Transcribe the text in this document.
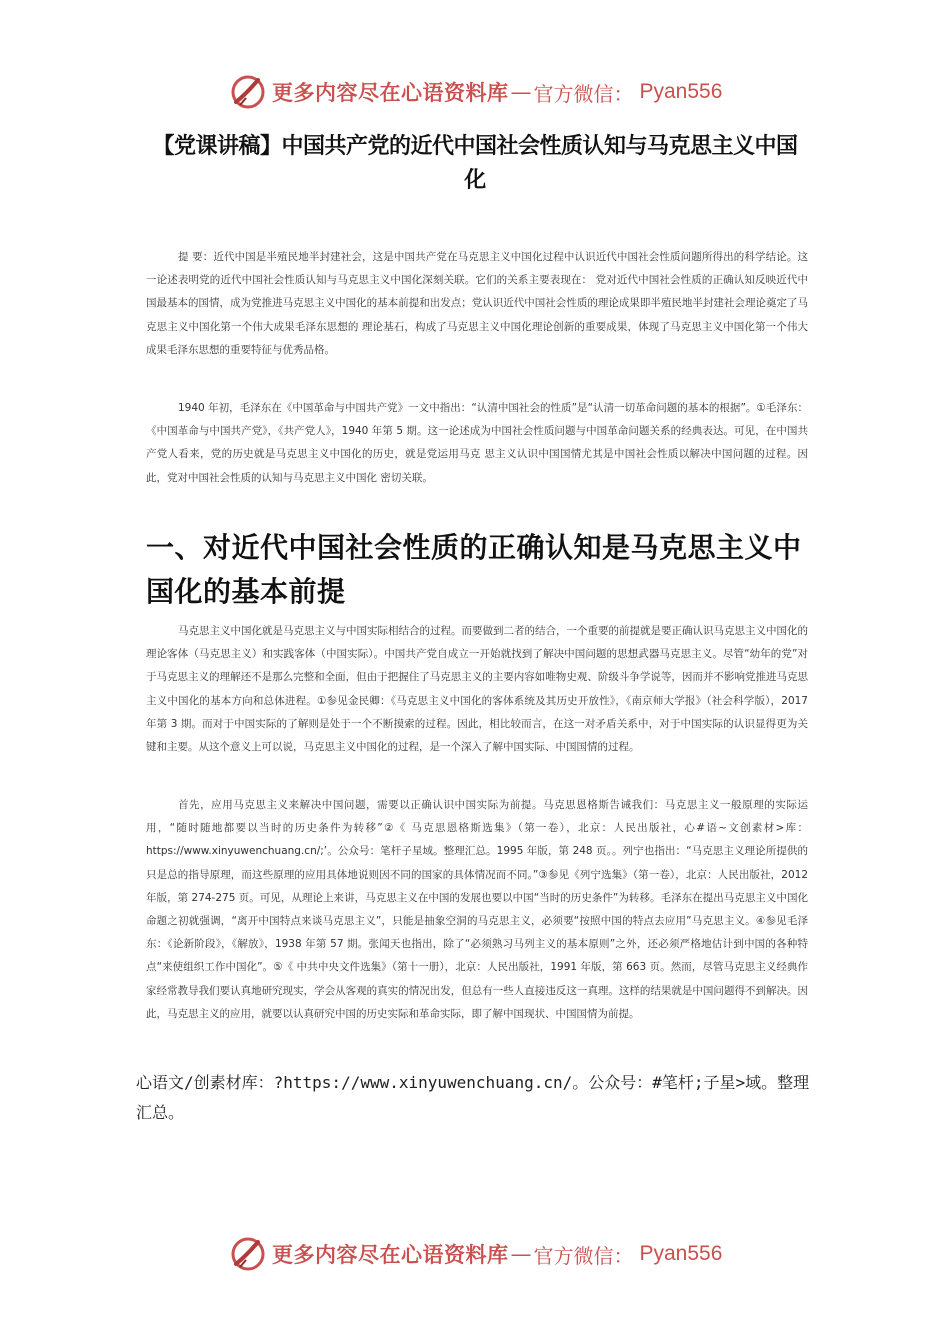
更多内容尽在心语资料库 — 官方微信： Pyan556
【党课讲稿】中国共产党的近代中国社会性质认知与马克思主义中国化

提 要：近代中国是半殖民地半封建社会，这是中国共产党在马克思主义中国化过程中认识近代中国社会性质问题所得出的科学结论。这一论述表明党的近代中国社会性质认知与马克思主义中国化深刻关联。它们的关系主要表现在： 党对近代中国社会性质的正确认知反映近代中国最基本的国情，成为党推进马克思主义中国化的基本前提和出发点；党认识近代中国社会性质的理论成果即半殖民地半封建社会理论奠定了马克思主义中国化第一个伟大成果毛泽东思想的 理论基石，构成了马克思主义中国化理论创新的重要成果，体现了马克思主义中国化第一个伟大成果毛泽东思想的重要特征与优秀品格。

1940 年初，毛泽东在《中国革命与中国共产党》一文中指出：“认清中国社会的性质”是“认清一切革命问题的基本的根据”。①毛泽东：《中国革命与中国共产党》，《共产党人》，1940 年第 5 期。这一论述成为中国社会性质问题与中国革命问题关系的经典表达。可见，在中国共产党人看来，党的历史就是马克思主义中国化的历史，就是党运用马克 思主义认识中国国情尤其是中国社会性质以解决中国问题的过程。因此，党对中国社会性质的认知与马克思主义中国化 密切关联。

一、对近代中国社会性质的正确认知是马克思主义中国化的基本前提

马克思主义中国化就是马克思主义与中国实际相结合的过程。而要做到二者的结合，一个重要的前提就是要正确认识马克思主义中国化的理论客体（马克思主义）和实践客体（中国实际）。中国共产党自成立一开始就找到了解决中国问题的思想武器马克思主义。尽管“幼年的党”对于马克思主义的理解还不是那么完整和全面，但由于把握住了马克思主义的主要内容如唯物史观、阶级斗争学说等，因而并不影响党推进马克思主义中国化的基本方向和总体进程。①参见金民卿：《马克思主义中国化的客体系统及其历史开放性》，《南京师大学报》（社会科学版），2017 年第 3 期。而对于中国实际的了解则是处于一个不断摸索的过程。因此，相比较而言，在这一对矛盾关系中，对于中国实际的认识显得更为关键和主要。从这个意义上可以说，马克思主义中国化的过程，是一个深入了解中国实际、中国国情的过程。

首先，应用马克思主义来解决中国问题，需要以正确认识中国实际为前提。马克思恩格斯告诫我们：马克思主义一般原理的实际运用，“随时随地都要以当时的历史条件为转移”②《 马克思恩格斯选集》（第一卷），北京：人民出版社，心#语~文创素材>库：https://www.xinyuwenchuang.cn/;’。公众号：笔杆子星域。整理汇总。1995 年版，第 248 页。。列宁也指出：“马克思主义理论所提供的只是总的指导原理，而这些原理的应用具体地说则因不同的国家的具体情况而不同。”③参见《列宁选集》（第一卷），北京：人民出版社，2012 年版，第 274-275 页。可见，从理论上来讲，马克思主义在中国的发展也要以中国“当时的历史条件”为转移。毛泽东在提出马克思主义中国化 命题之初就强调，“离开中国特点来谈马克思主义”，只能是抽象空洞的马克思主义，必须要“按照中国的特点去应用”马克思主义。④参见毛泽东：《论新阶段》，《解放》，1938 年第 57 期。张闻天也指出，除了“必须熟习马列主义的基本原则”之外，还必须严格地估计到中国的各种特点“来使组织工作中国化”。⑤《 中共中央文件选集》（第十一册），北京：人民出版社，1991 年版，第 663 页。然而，尽管马克思主义经典作家经常教导我们要认真地研究现实，学会从客观的真实的情况出发，但总有一些人直接违反这一真理。这样的结果就是中国问题得不到解决。因此，马克思主义的应用，就要以认真研究中国的历史实际和革命实际，即了解中国现状、中国国情为前提。

心语文/创素材库：?https://www.xinyuwenchuang.cn/。公众号：#笔杆;子星>域。整理汇总。

更多内容尽在心语资料库 — 官方微信： Pyan556
